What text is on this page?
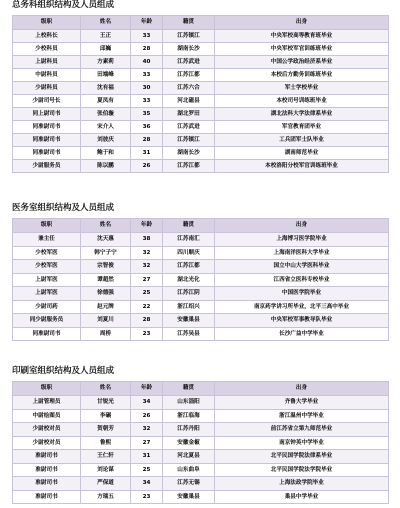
总务科组织结构及人员组成
级职	姓名	年龄	籍贯	出身
上校科长	王正	33	江苏镇江	中央军校高等教育班毕业
少校科员	邱巍	28	湖南长沙	中央军校军官训练班毕业
上尉科员	方素莉	40	江苏武进	中国公学政治经济系毕业
中尉科员	田端峰	33	江苏江都	本校后方勤务训练班毕业
少尉科员	沈有福	30	江苏六合	军士学校毕业
少尉司号长	夏凤有	33	河北磁县	本校司号训练班毕业
同上尉司书	张伯璇	35	湖北罗田	湖北法科大学法律系毕业
同准尉司书	宋介人	36	江苏武进	军官教育团毕业
同准尉司书	刘彼庆	28	江苏镇江	工兵团军士队毕业
同准尉司书	鲍于和	31	湖南长沙	湖南师范毕业
少尉服务员	陈以鹏	26	江苏江都	本校洛阳分校军官训练班毕业
医务室组织结构及人员组成
级职	姓名	年龄	籍贯	出身
兼主任	沈天惠	38	江苏南汇	上海博习医学院毕业
少校军医	韩宁子宁	32	四川顺庆	上海南洋医科大学毕业
少校军医	宗智俊	32	江苏江都	国立中山大学医科毕业
上尉军医	谭超然	27	湖北光化	江西省立医科专校毕业
上尉军医	徐德强	25	江苏江阴	中国医学院毕业
少尉司药	赵元牌	22	浙江绍兴	南京药学讲习所毕业，北平三高中毕业
同少尉服务员	刘夏川	28	安徽巢县	中央军校军事教导队毕业
同准尉司书	周桥	23	江苏吴县	长沙广益中学毕业
印刷室组织结构及人员组成
级职	姓名	年龄	籍贯	出身
上尉管理员	甘锐光	34	山东淄阳	齐鲁大学毕业
中尉绘图员	李碾	26	浙江临海	浙江温州中学毕业
少尉校对员	贺朝芳	32	江苏丹阳	前江苏省立第九师范毕业
少尉校对员	鲁熙	27	安徽金椒	南京钟英中学毕业
准尉司书	王仁轩	31	河北夏县	北平民国学院法律系毕业
准尉司书	刘论谋	25	山东曲阜	北平民国学院法学院毕业
准尉司书	严保道	34	江苏无锡	上海法政学院毕业
准尉司书	方瑞五	23	安徽巢县	巢县中学毕业
